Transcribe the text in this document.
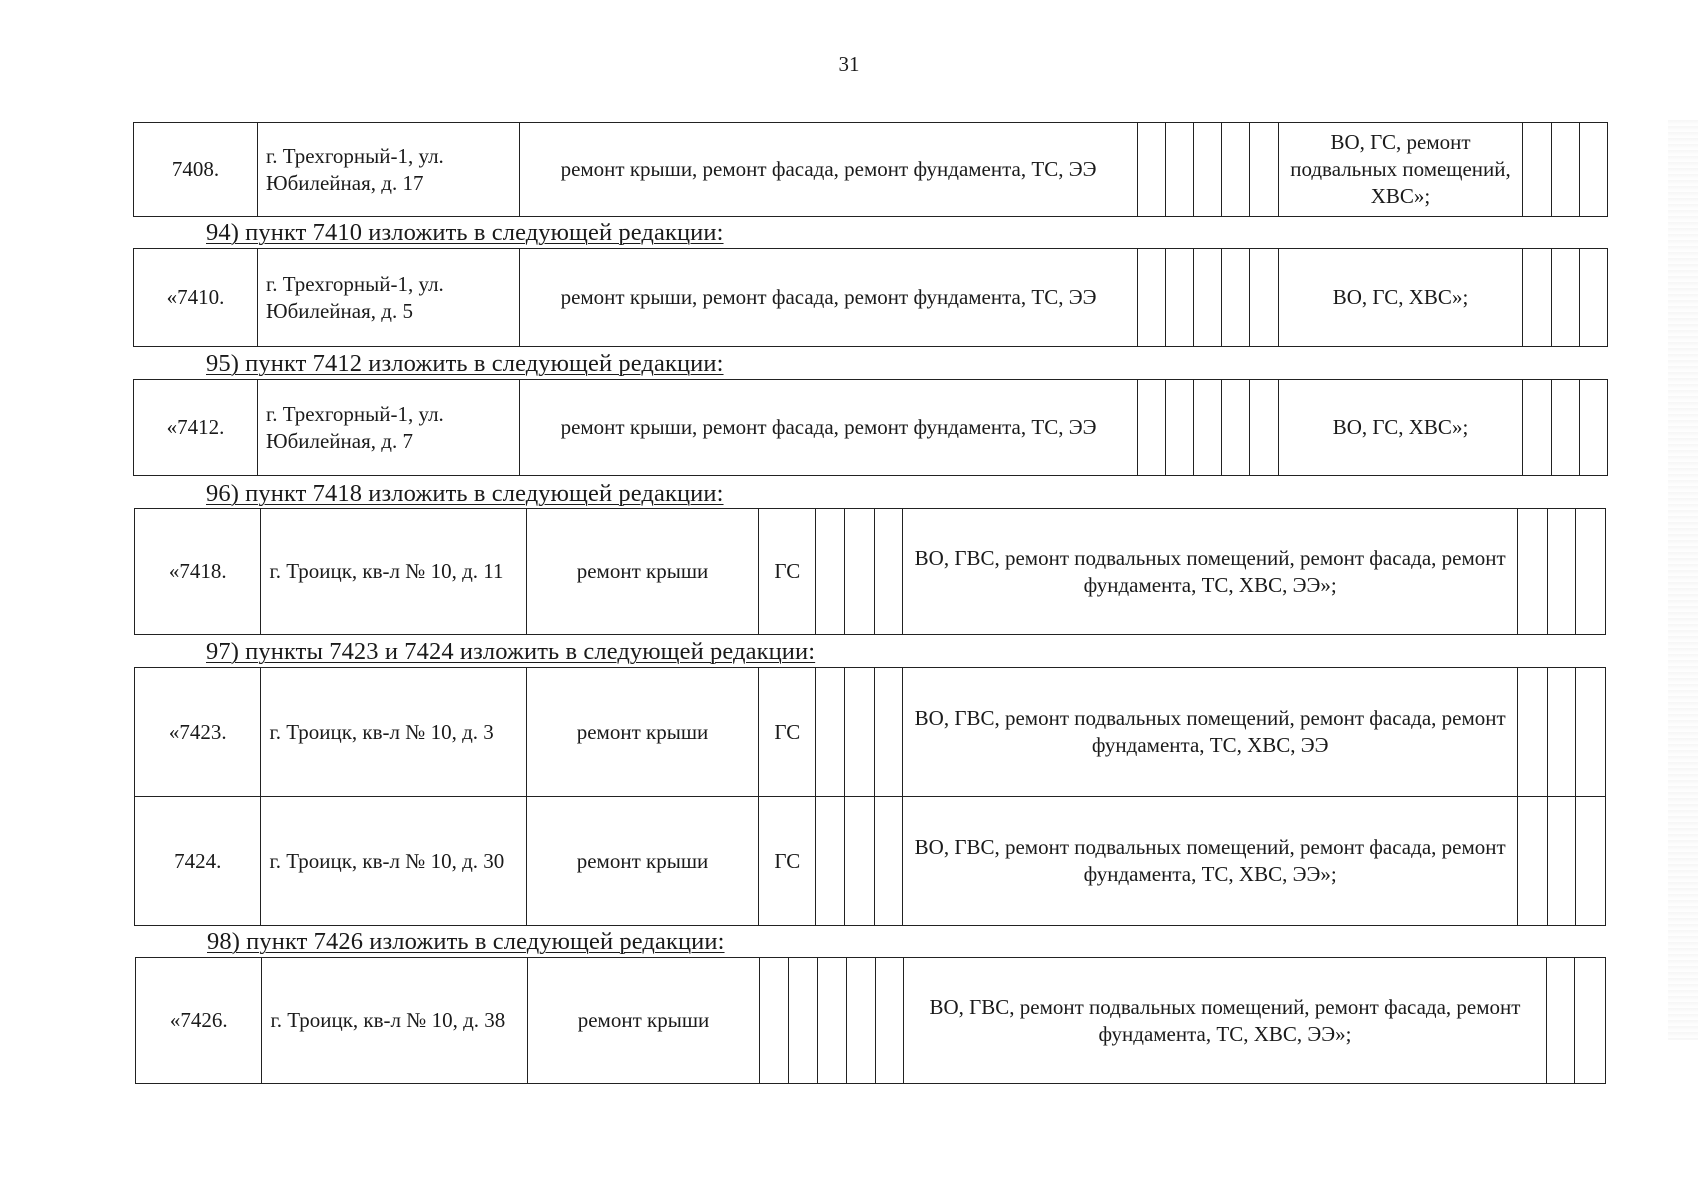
31
7408.	г. Трехгорный-1, ул. Юбилейная, д. 17	ремонт крыши, ремонт фасада, ремонт фундамента, ТС, ЭЭ						ВО, ГС, ремонт подвальных помещений, ХВС»;			
94) пункт 7410 изложить в следующей редакции:
«7410.	г. Трехгорный-1, ул. Юбилейная, д. 5	ремонт крыши, ремонт фасада, ремонт фундамента, ТС, ЭЭ						ВО, ГС, ХВС»;			
95) пункт 7412 изложить в следующей редакции:
«7412.	г. Трехгорный-1, ул. Юбилейная, д. 7	ремонт крыши, ремонт фасада, ремонт фундамента, ТС, ЭЭ						ВО, ГС, ХВС»;			
96) пункт 7418 изложить в следующей редакции:
«7418.	г. Троицк, кв-л № 10, д. 11	ремонт крыши	ГС				ВО, ГВС, ремонт подвальных помещений, ремонт фасада, ремонт фундамента, ТС, ХВС, ЭЭ»;			
97) пункты 7423 и 7424 изложить в следующей редакции:
«7423.	г. Троицк, кв-л № 10, д. 3	ремонт крыши	ГС				ВО, ГВС, ремонт подвальных помещений, ремонт фасада, ремонт фундамента, ТС, ХВС, ЭЭ			
7424.	г. Троицк, кв-л № 10, д. 30	ремонт крыши	ГС				ВО, ГВС, ремонт подвальных помещений, ремонт фасада, ремонт фундамента, ТС, ХВС, ЭЭ»;			
98) пункт 7426 изложить в следующей редакции:
«7426.	г. Троицк, кв-л № 10, д. 38	ремонт крыши						ВО, ГВС, ремонт подвальных помещений, ремонт фасада, ремонт фундамента, ТС, ХВС, ЭЭ»;		
